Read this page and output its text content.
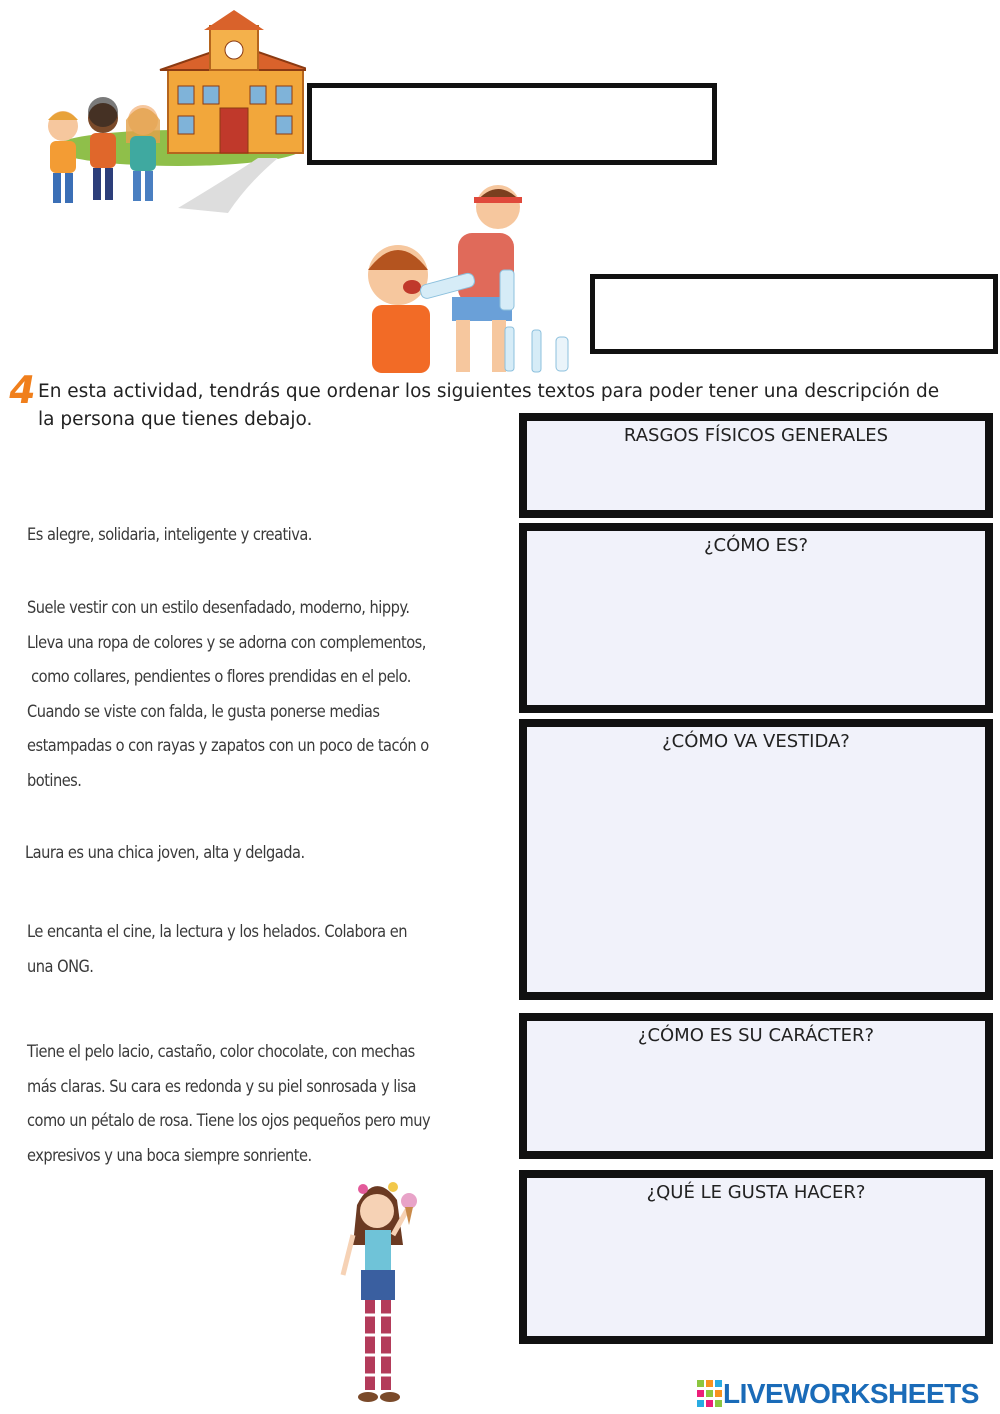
4
En esta actividad, tendrás que ordenar los siguientes textos para poder tener una descripción de
la persona que tienes debajo.
Es alegre, solidaria, inteligente y creativa.
Suele vestir con un estilo desenfadado, moderno, hippy.
Lleva una ropa de colores y se adorna con complementos,
como collares, pendientes o flores prendidas en el pelo.
Cuando se viste con falda, le gusta ponerse medias
estampadas o con rayas y zapatos con un poco de tacón o
botines.
Laura es una chica joven, alta y delgada.
Le encanta el cine, la lectura y los helados. Colabora en
una ONG.
Tiene el pelo lacio, castaño, color chocolate, con mechas
más claras. Su cara es redonda y su piel sonrosada y lisa
como un pétalo de rosa. Tiene los ojos pequeños pero muy
expresivos y una boca siempre sonriente.
RASGOS FÍSICOS GENERALES
¿CÓMO ES?
¿CÓMO VA VESTIDA?
¿CÓMO ES SU CARÁCTER?
¿QUÉ LE GUSTA HACER?
LIVEWORKSHEETS
